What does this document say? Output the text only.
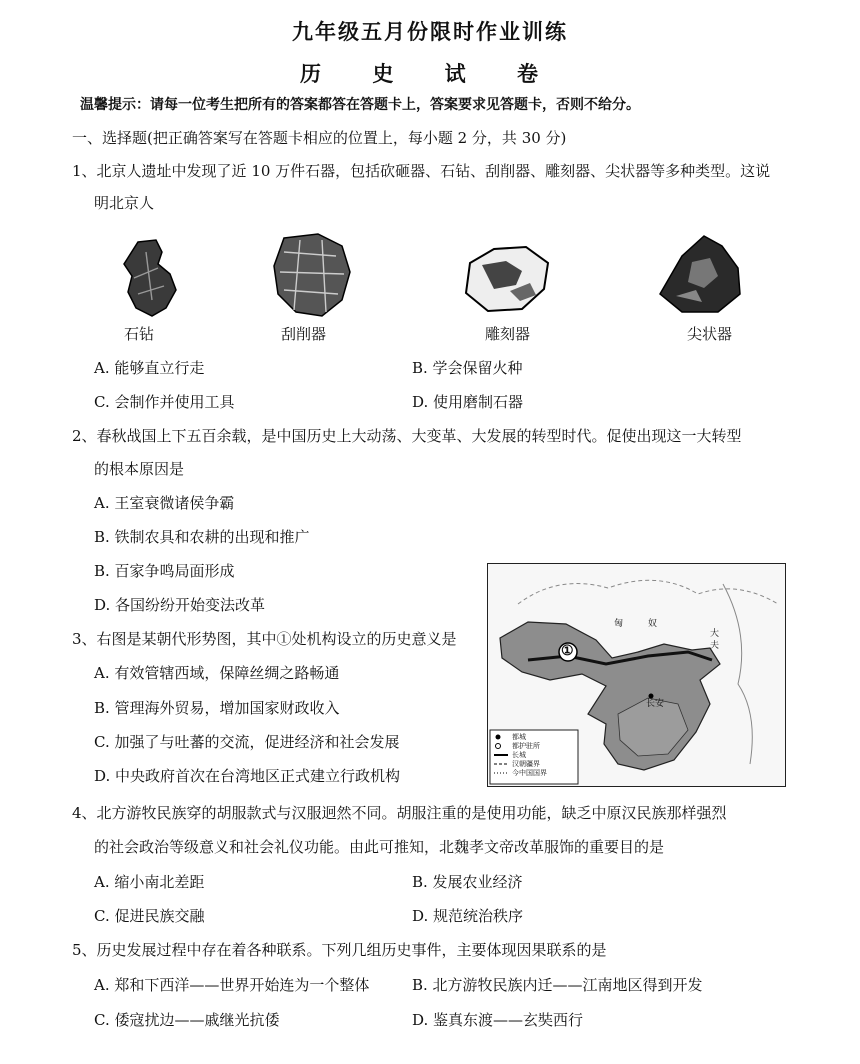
九年级五月份限时作业训练
历 史 试 卷
温馨提示：请每一位考生把所有的答案都答在答题卡上，答案要求见答题卡，否则不给分。
一、选择题(把正确答案写在答题卡相应的位置上，每小题 2 分，共 30 分)
1、北京人遗址中发现了近 10 万件石器，包括砍砸器、石钻、刮削器、雕刻器、尖状器等多种类型。这说
明北京人
石钻	刮削器	雕刻器	尖状器
A. 能够直立行走	B. 学会保留火种
C. 会制作并使用工具	D. 使用磨制石器
2、春秋战国上下五百余载，是中国历史上大动荡、大变革、大发展的转型时代。促使出现这一大转型
的根本原因是
A. 王室衰微诸侯争霸
B. 铁制农具和农耕的出现和推广
B. 百家争鸣局面形成
D. 各国纷纷开始变法改革
3、右图是某朝代形势图，其中①处机构设立的历史意义是
A. 有效管辖西域，保障丝绸之路畅通
B. 管理海外贸易，增加国家财政收入
C. 加强了与吐蕃的交流，促进经济和社会发展
D. 中央政府首次在台湾地区正式建立行政机构
①
长安
匈	奴
大
夫
都城
都护驻所
长城
汉朝疆界
今中国国界
4、北方游牧民族穿的胡服款式与汉服迥然不同。胡服注重的是使用功能，缺乏中原汉民族那样强烈
的社会政治等级意义和社会礼仪功能。由此可推知，北魏孝文帝改革服饰的重要目的是
A. 缩小南北差距	B. 发展农业经济
C. 促进民族交融	D. 规范统治秩序
5、历史发展过程中存在着各种联系。下列几组历史事件，主要体现因果联系的是
A. 郑和下西洋——世界开始连为一个整体	B. 北方游牧民族内迁——江南地区得到开发
C. 倭寇扰边——戚继光抗倭	D. 鉴真东渡——玄奘西行
